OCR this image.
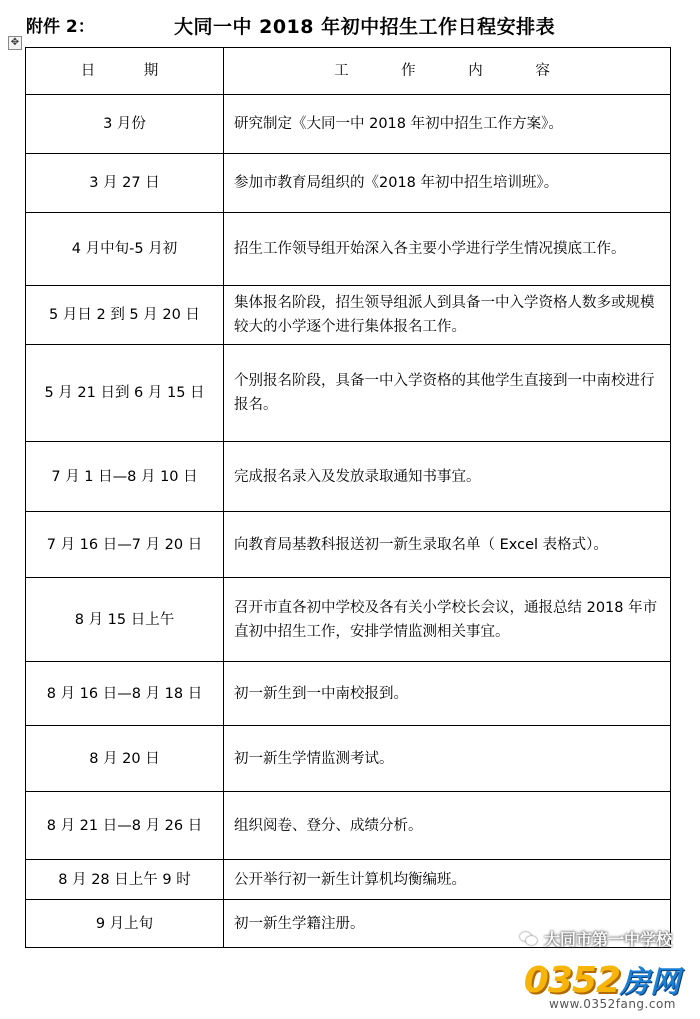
附件 2：	大同一中 2018 年初中招生工作日程安排表
✥
日 期	工 作 内 容
3 月份	研究制定《大同一中 2018 年初中招生工作方案》。
3 月 27 日	参加市教育局组织的《2018 年初中招生培训班》。
4 月中旬-5 月初	招生工作领导组开始深入各主要小学进行学生情况摸底工作。
5 月日 2 到 5 月 20 日	集体报名阶段，招生领导组派人到具备一中入学资格人数多或规模较大的小学逐个进行集体报名工作。
5 月 21 日到 6 月 15 日	个别报名阶段，具备一中入学资格的其他学生直接到一中南校进行报名。
7 月 1 日—8 月 10 日	完成报名录入及发放录取通知书事宜。
7 月 16 日—7 月 20 日	向教育局基教科报送初一新生录取名单（ Excel 表格式）。
8 月 15 日上午	召开市直各初中学校及各有关小学校长会议，通报总结 2018 年市直初中招生工作，安排学情监测相关事宜。
8 月 16 日—8 月 18 日	初一新生到一中南校报到。
8 月 20 日	初一新生学情监测考试。
8 月 21 日—8 月 26 日	组织阅卷、登分、成绩分析。
8 月 28 日上午 9 时	公开举行初一新生计算机均衡编班。
9 月上旬	初一新生学籍注册。
大同市第一中学校
0352 房网
www.0352fang.com
